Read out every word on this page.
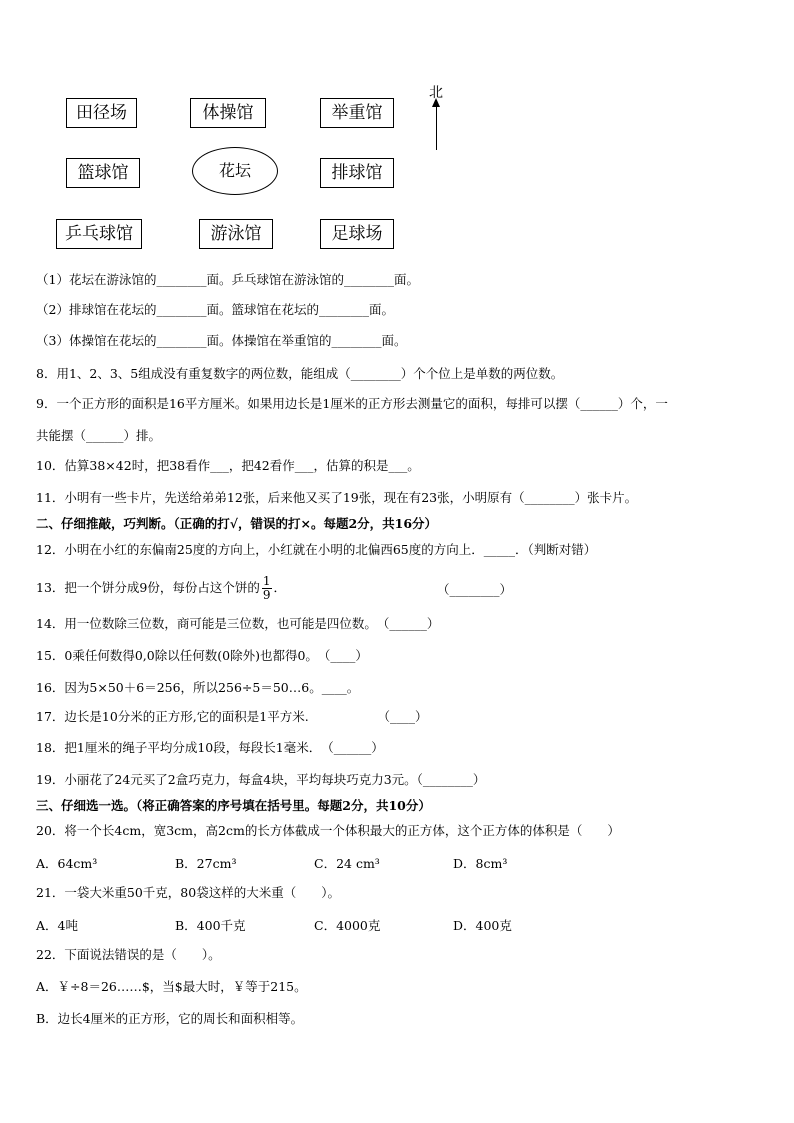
北
田径场	体操馆	举重馆
篮球馆	花坛	排球馆
乒乓球馆	游泳馆	足球场
（1）花坛在游泳馆的________面。乒乓球馆在游泳馆的________面。
（2）排球馆在花坛的________面。篮球馆在花坛的________面。
（3）体操馆在花坛的________面。体操馆在举重馆的________面。
8．用1、2、3、5组成没有重复数字的两位数，能组成（________）个个位上是单数的两位数。
9．一个正方形的面积是16平方厘米。如果用边长是1厘米的正方形去测量它的面积，每排可以摆（______）个，一
共能摆（______）排。
10．估算38×42时，把38看作___，把42看作___，估算的积是___。
11．小明有一些卡片，先送给弟弟12张，后来他又买了19张，现在有23张，小明原有（________）张卡片。
二、仔细推敲，巧判断。（正确的打√，错误的打×。每题2分，共16分）
12．小明在小红的东偏南25度的方向上，小红就在小明的北偏西65度的方向上．_____．（判断对错）
13．把一个饼分成9份，每份占这个饼的 $\frac{1}{9}$ ．	（________）
14．用一位数除三位数，商可能是三位数，也可能是四位数。　（______）
15．0乘任何数得0,0除以任何数(0除外)也都得0。　（____）
16．因为5×50＋6＝256，所以256÷5＝50…6。____。
17．边长是10分米的正方形,它的面积是1平方米.　　　　　　（____）
18．把1厘米的绳子平均分成10段，每段长1毫米．　（______）
19．小丽花了24元买了2盒巧克力，每盒4块，平均每块巧克力3元。（________）
三、仔细选一选。（将正确答案的序号填在括号里。每题2分，共10分）
20．将一个长4cm，宽3cm，高2cm的长方体截成一个体积最大的正方体，这个正方体的体积是（　　）
A．64cm³	B．27cm³	C．24 cm³	D．8cm³
21．一袋大米重50千克，80袋这样的大米重（　　）。
A．4吨	B．400千克	C．4000克	D．400克
22．下面说法错误的是（　　）。
A．￥÷8＝26……$，当$最大时，￥等于215。
B．边长4厘米的正方形，它的周长和面积相等。
